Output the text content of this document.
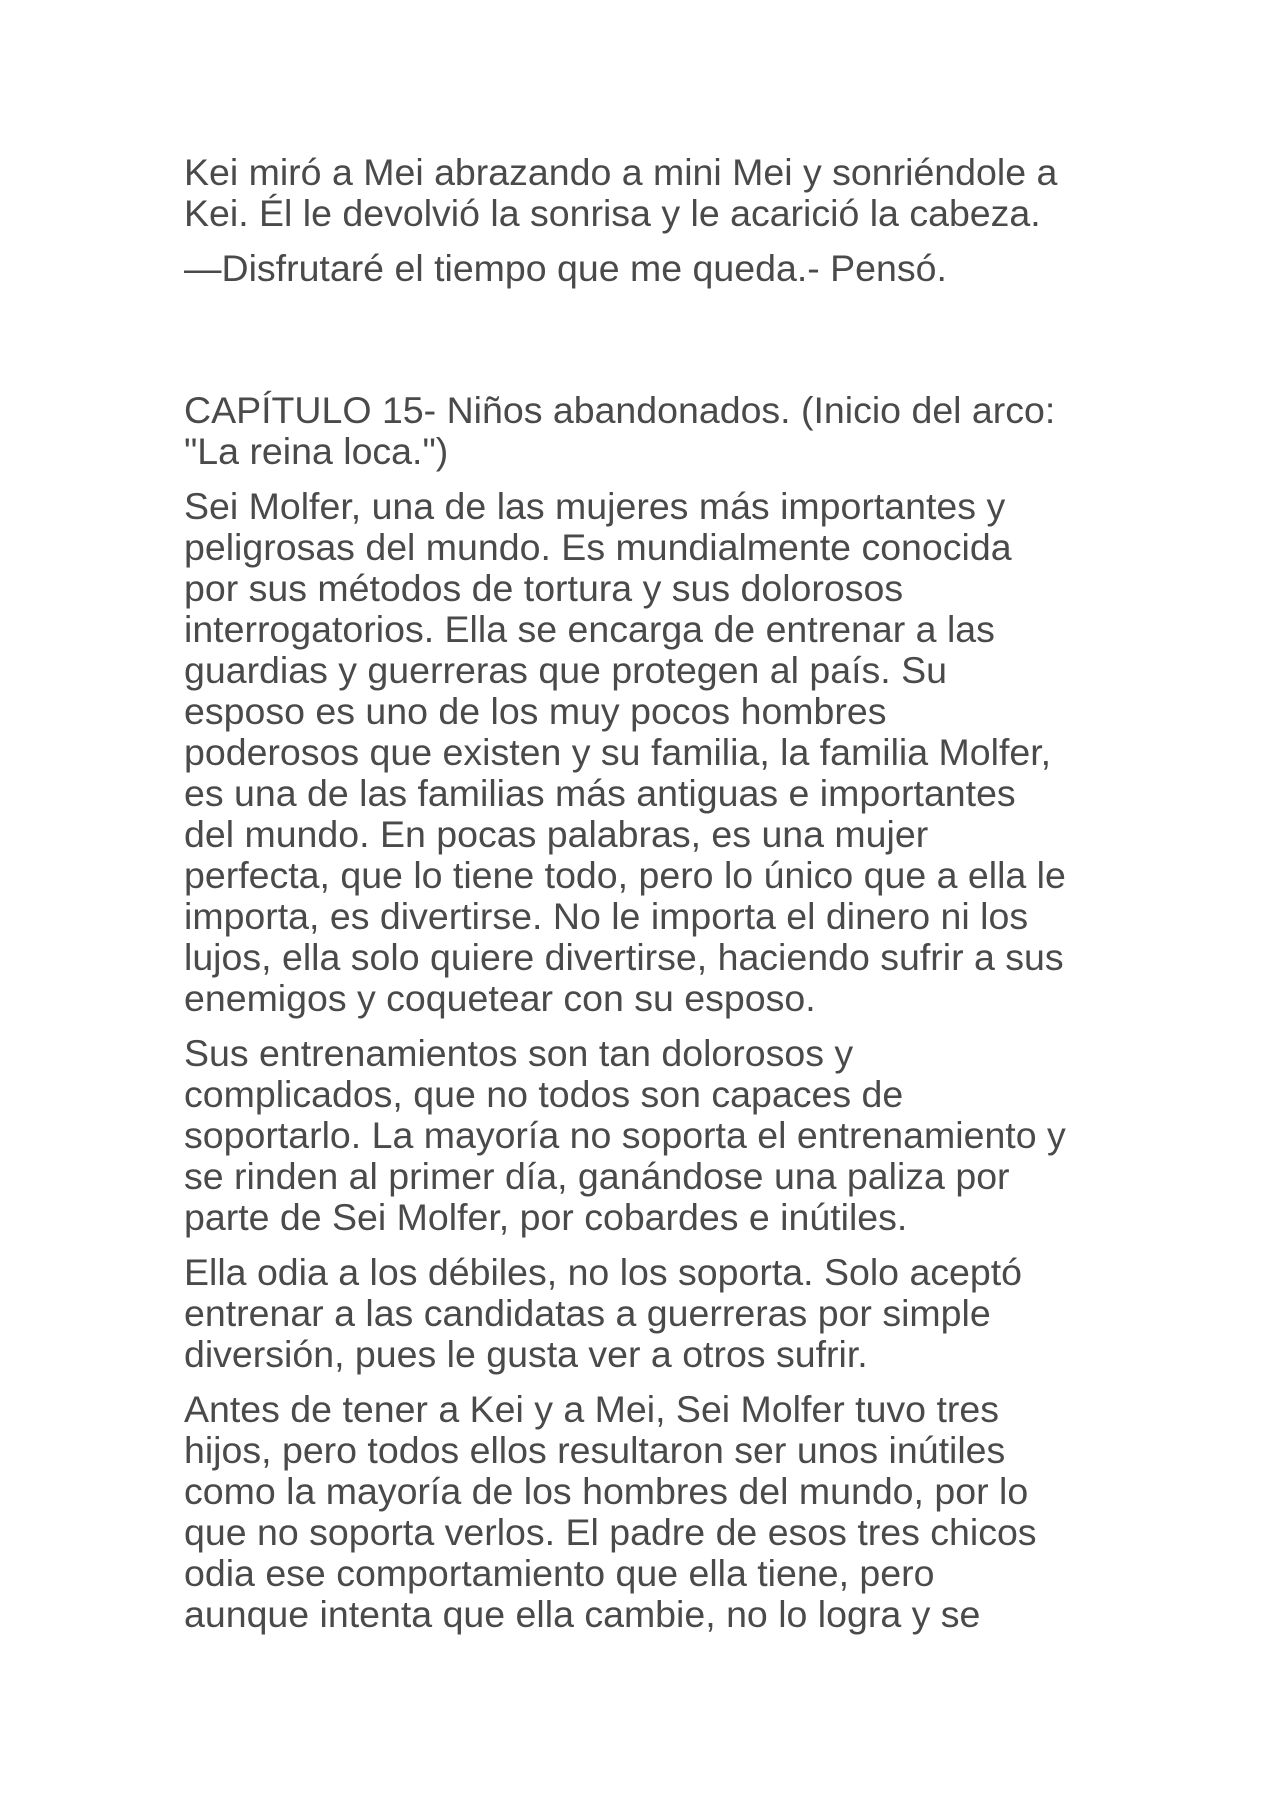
Kei miró a Mei abrazando a mini Mei y sonriéndole a
Kei. Él le devolvió la sonrisa y le acarició la cabeza.
—Disfrutaré el tiempo que me queda.- Pensó.
CAPÍTULO 15- Niños abandonados. (Inicio del arco:
"La reina loca.")
Sei Molfer, una de las mujeres más importantes y
peligrosas del mundo. Es mundialmente conocida
por sus métodos de tortura y sus dolorosos
interrogatorios. Ella se encarga de entrenar a las
guardias y guerreras que protegen al país. Su
esposo es uno de los muy pocos hombres
poderosos que existen y su familia, la familia Molfer,
es una de las familias más antiguas e importantes
del mundo. En pocas palabras, es una mujer
perfecta, que lo tiene todo, pero lo único que a ella le
importa, es divertirse. No le importa el dinero ni los
lujos, ella solo quiere divertirse, haciendo sufrir a sus
enemigos y coquetear con su esposo.
Sus entrenamientos son tan dolorosos y
complicados, que no todos son capaces de
soportarlo. La mayoría no soporta el entrenamiento y
se rinden al primer día, ganándose una paliza por
parte de Sei Molfer, por cobardes e inútiles.
Ella odia a los débiles, no los soporta. Solo aceptó
entrenar a las candidatas a guerreras por simple
diversión, pues le gusta ver a otros sufrir.
Antes de tener a Kei y a Mei, Sei Molfer tuvo tres
hijos, pero todos ellos resultaron ser unos inútiles
como la mayoría de los hombres del mundo, por lo
que no soporta verlos. El padre de esos tres chicos
odia ese comportamiento que ella tiene, pero
aunque intenta que ella cambie, no lo logra y se
